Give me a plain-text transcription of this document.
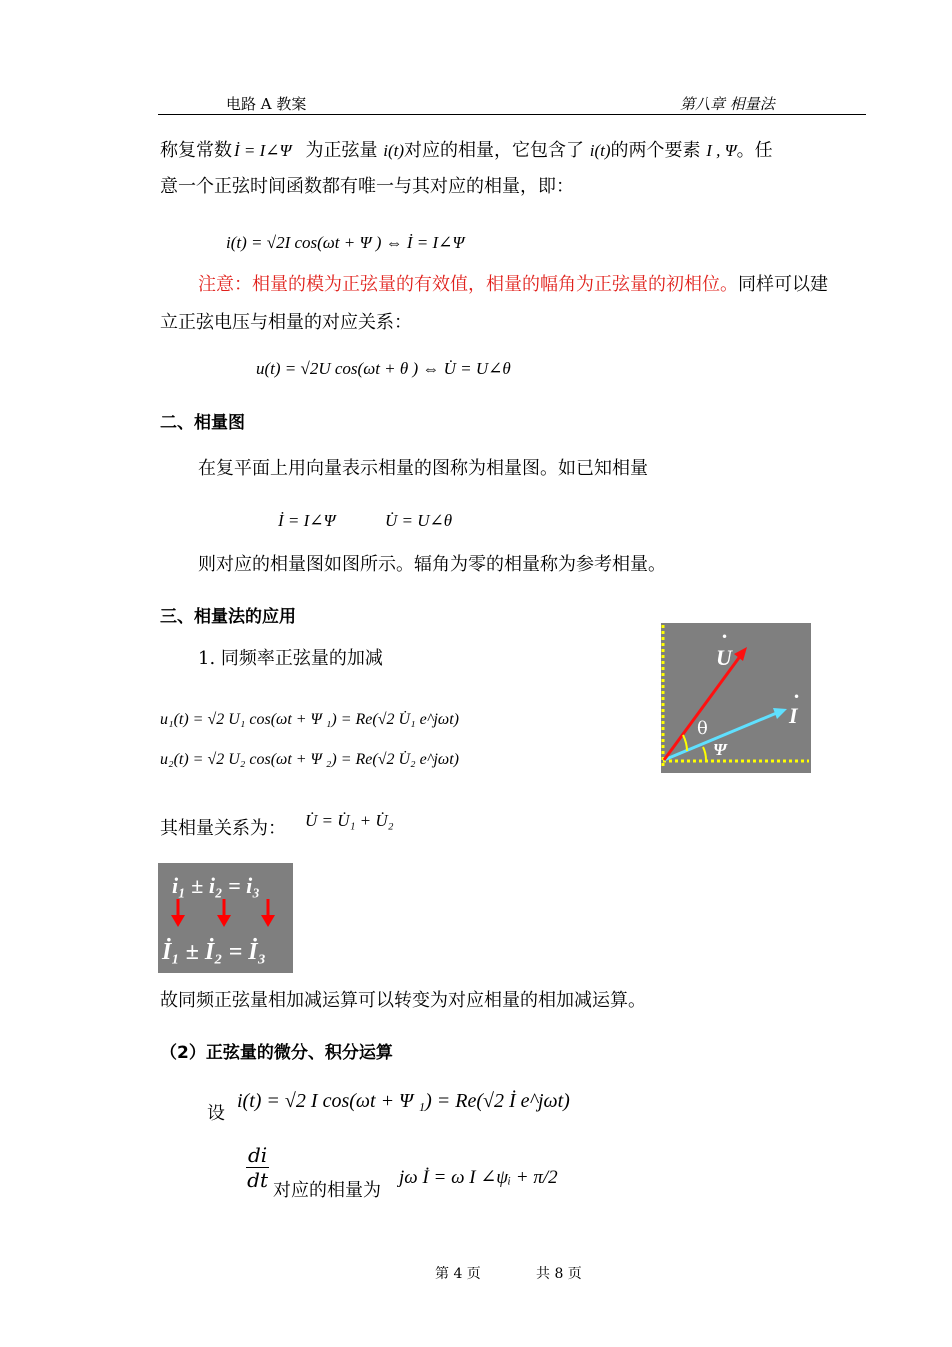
电路 A 教案	第八章 相量法
称复常数 İ = I∠Ψ 为正弦量 i(t)对应的相量，它包含了 i(t)的两个要素 I , Ψ。任
意一个正弦时间函数都有唯一与其对应的相量，即：
i(t) = √2I cos(ωt + Ψ ) ⇔ İ = I∠Ψ
注意：相量的模为正弦量的有效值，相量的幅角为正弦量的初相位。同样可以建
立正弦电压与相量的对应关系：
u(t) = √2U cos(ωt + θ ) ⇔ U̇ = U∠θ
二、相量图
在复平面上用向量表示相量的图称为相量图。如已知相量
İ = I∠Ψ	U̇ = U∠θ
则对应的相量图如图所示。辐角为零的相量称为参考相量。
三、相量法的应用
1. 同频率正弦量的加减
u₁(t) = √2 U₁ cos(ωt + Ψ ₁) = Re(√2 U̇₁ e^jωt)
u₂(t) = √2 U₂ cos(ωt + Ψ ₂) = Re(√2 U̇₂ e^jωt)
U
•
I
•
θ
Ψ
其相量关系为： U̇ = U̇₁ + U̇₂
i₁ ± i₂ = i₃
İ₁ ± İ₂ = İ₃
故同频正弦量相加减运算可以转变为对应相量的相加减运算。
（2）正弦量的微分、积分运算
设
i(t) = √2 I cos(ωt + Ψ ₁) = Re(√2 İ e^jωt)
$\frac{di}{dt}$ 对应的相量为
jω İ = ω I ∠ψᵢ + π/2
第 4 页	共 8 页
